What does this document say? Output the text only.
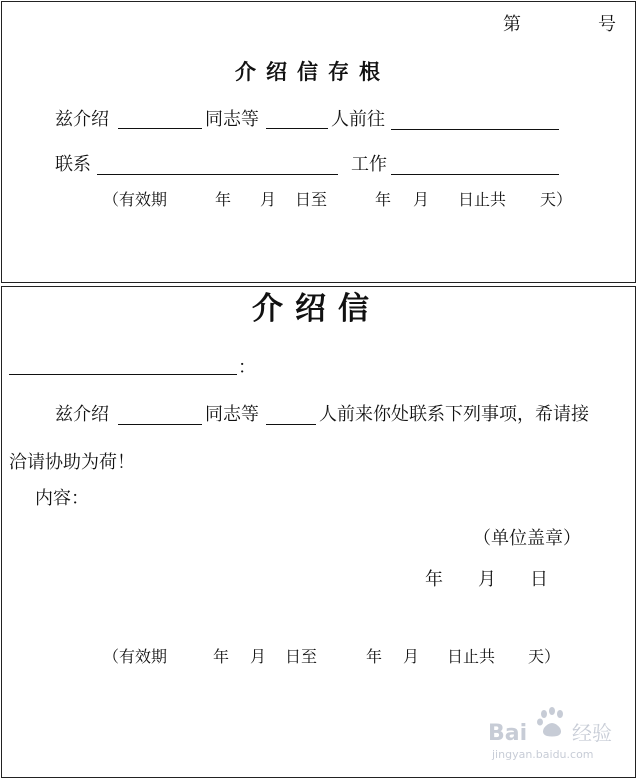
第	号
介绍信存根
兹介绍	同志等	人前往
联系	工作
（有效期	年 月 日至	年 月 日止共 天）
介绍信
：
兹介绍	同志等	人前来你处联系下列事项，希请接
洽请协助为荷！
内容：
（单位盖章）
年 月 日
（有效期	年 月 日至	年 月 日止共 天）
Bai 经验
jingyan.baidu.com
